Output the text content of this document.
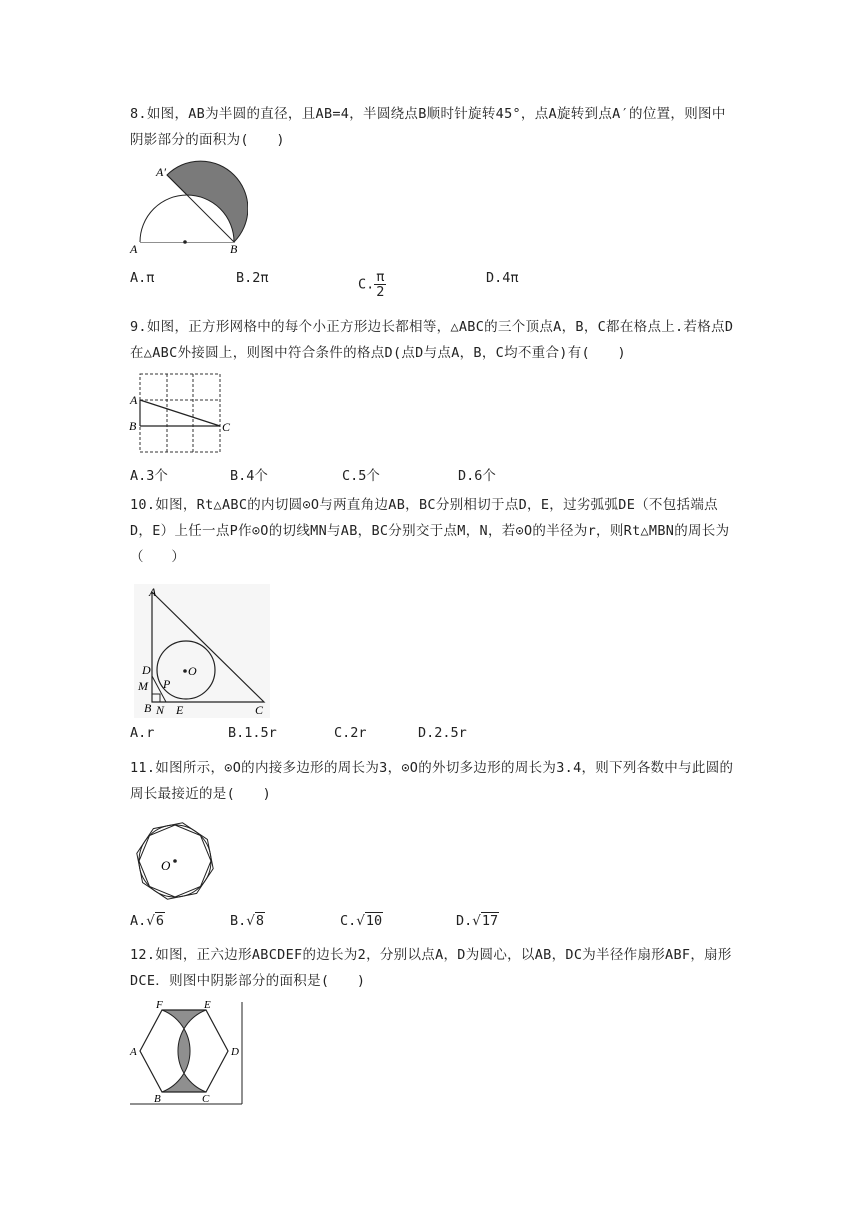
8.如图，AB为半圆的直径，且AB=4，半圆绕点B顺时针旋转45°，点A旋转到点A′的位置，则图中阴影部分的面积为(　　)
A′
A	B
A.π	B.2π	C. $\frac{\pi}{2}$	D.4π
9.如图，正方形网格中的每个小正方形边长都相等，△ABC的三个顶点A，B，C都在格点上.若格点D在△ABC外接圆上，则图中符合条件的格点D(点D与点A，B，C均不重合)有(　　)
A
B	C
A.3个	B.4个	C.5个	D.6个
10.如图，Rt△ABC的内切圆⊙O与两直角边AB，BC分别相切于点D，E，过劣弧弧DE（不包括端点D，E）上任一点P作⊙O的切线MN与AB，BC分别交于点M，N，若⊙O的半径为r，则Rt△MBN的周长为（　　）
A
D
M P
O
B N E	C
A.r	B.1.5r	C.2r	D.2.5r
11.如图所示，⊙O的内接多边形的周长为3，⊙O的外切多边形的周长为3.4，则下列各数中与此圆的周长最接近的是(　　)
O
A.√6	B.√8	C.√10	D.√17
12.如图，正六边形ABCDEF的边长为2，分别以点A，D为圆心，以AB，DC为半径作扇形ABF，扇形DCE．则图中阴影部分的面积是(　　)
F	E
A	D
B	C
